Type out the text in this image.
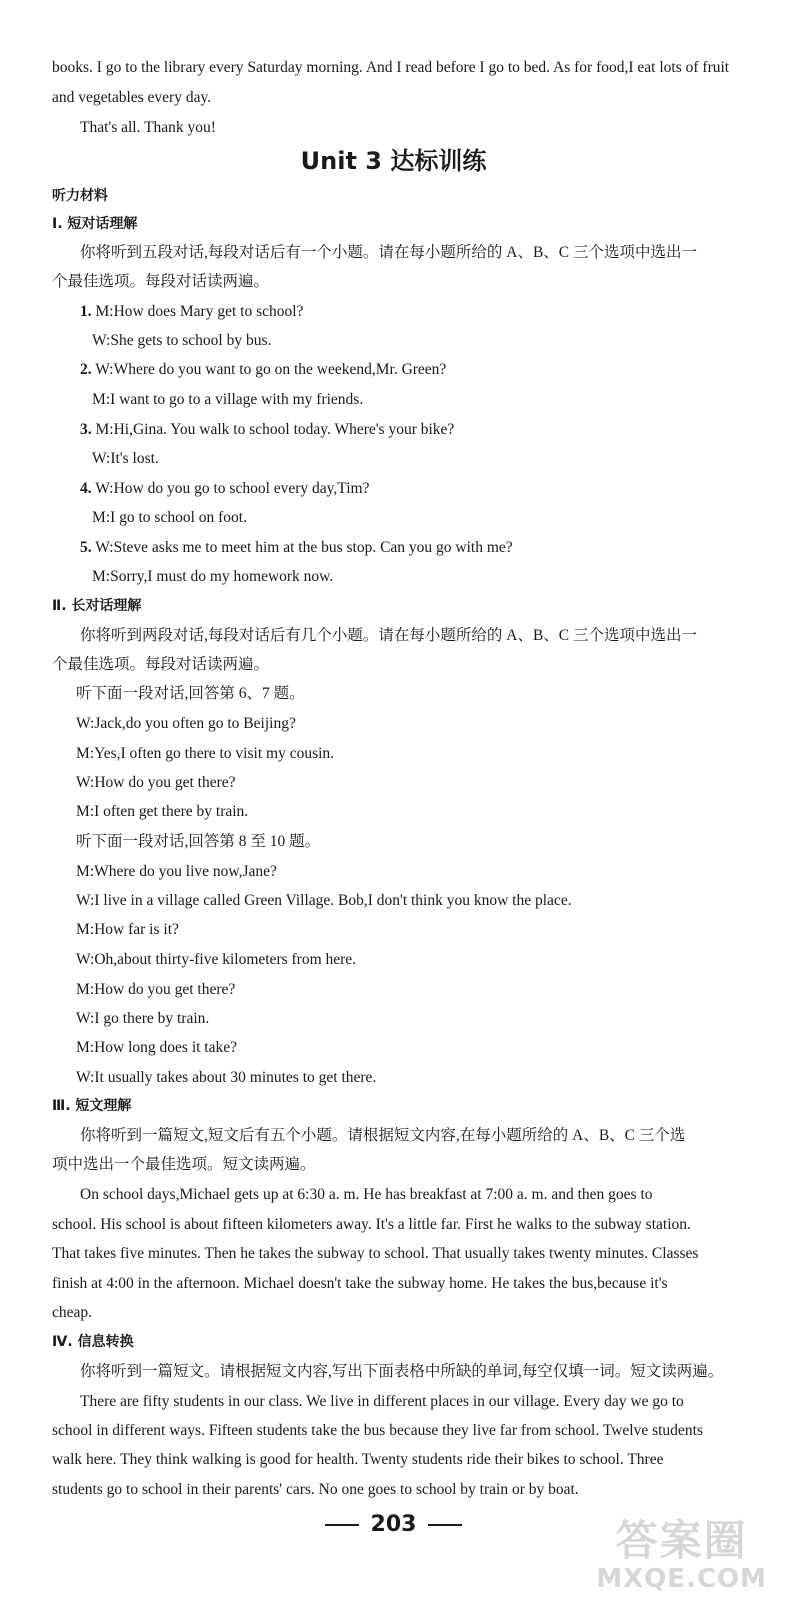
books. I go to the library every Saturday morning. And I read before I go to bed. As for food,I eat lots of fruit
and vegetables every day.
That's all. Thank you!
Unit 3 达标训练
听力材料
Ⅰ. 短对话理解
你将听到五段对话,每段对话后有一个小题。请在每小题所给的 A、B、C 三个选项中选出一
个最佳选项。每段对话读两遍。
1. M:How does Mary get to school?
W:She gets to school by bus.
2. W:Where do you want to go on the weekend,Mr. Green?
M:I want to go to a village with my friends.
3. M:Hi,Gina. You walk to school today. Where's your bike?
W:It's lost.
4. W:How do you go to school every day,Tim?
M:I go to school on foot.
5. W:Steve asks me to meet him at the bus stop. Can you go with me?
M:Sorry,I must do my homework now.
Ⅱ. 长对话理解
你将听到两段对话,每段对话后有几个小题。请在每小题所给的 A、B、C 三个选项中选出一
个最佳选项。每段对话读两遍。
听下面一段对话,回答第 6、7 题。
W:Jack,do you often go to Beijing?
M:Yes,I often go there to visit my cousin.
W:How do you get there?
M:I often get there by train.
听下面一段对话,回答第 8 至 10 题。
M:Where do you live now,Jane?
W:I live in a village called Green Village. Bob,I don't think you know the place.
M:How far is it?
W:Oh,about thirty-five kilometers from here.
M:How do you get there?
W:I go there by train.
M:How long does it take?
W:It usually takes about 30 minutes to get there.
Ⅲ. 短文理解
你将听到一篇短文,短文后有五个小题。请根据短文内容,在每小题所给的 A、B、C 三个选
项中选出一个最佳选项。短文读两遍。
On school days,Michael gets up at 6:30 a. m. He has breakfast at 7:00 a. m. and then goes to
school. His school is about fifteen kilometers away. It's a little far. First he walks to the subway station.
That takes five minutes. Then he takes the subway to school. That usually takes twenty minutes. Classes
finish at 4:00 in the afternoon. Michael doesn't take the subway home. He takes the bus,because it's
cheap.
Ⅳ. 信息转换
你将听到一篇短文。请根据短文内容,写出下面表格中所缺的单词,每空仅填一词。短文读两遍。
There are fifty students in our class. We live in different places in our village. Every day we go to
school in different ways. Fifteen students take the bus because they live far from school. Twelve students
walk here. They think walking is good for health. Twenty students ride their bikes to school. Three
students go to school in their parents' cars. No one goes to school by train or by boat.
203	答案圈
MXQE.COM
